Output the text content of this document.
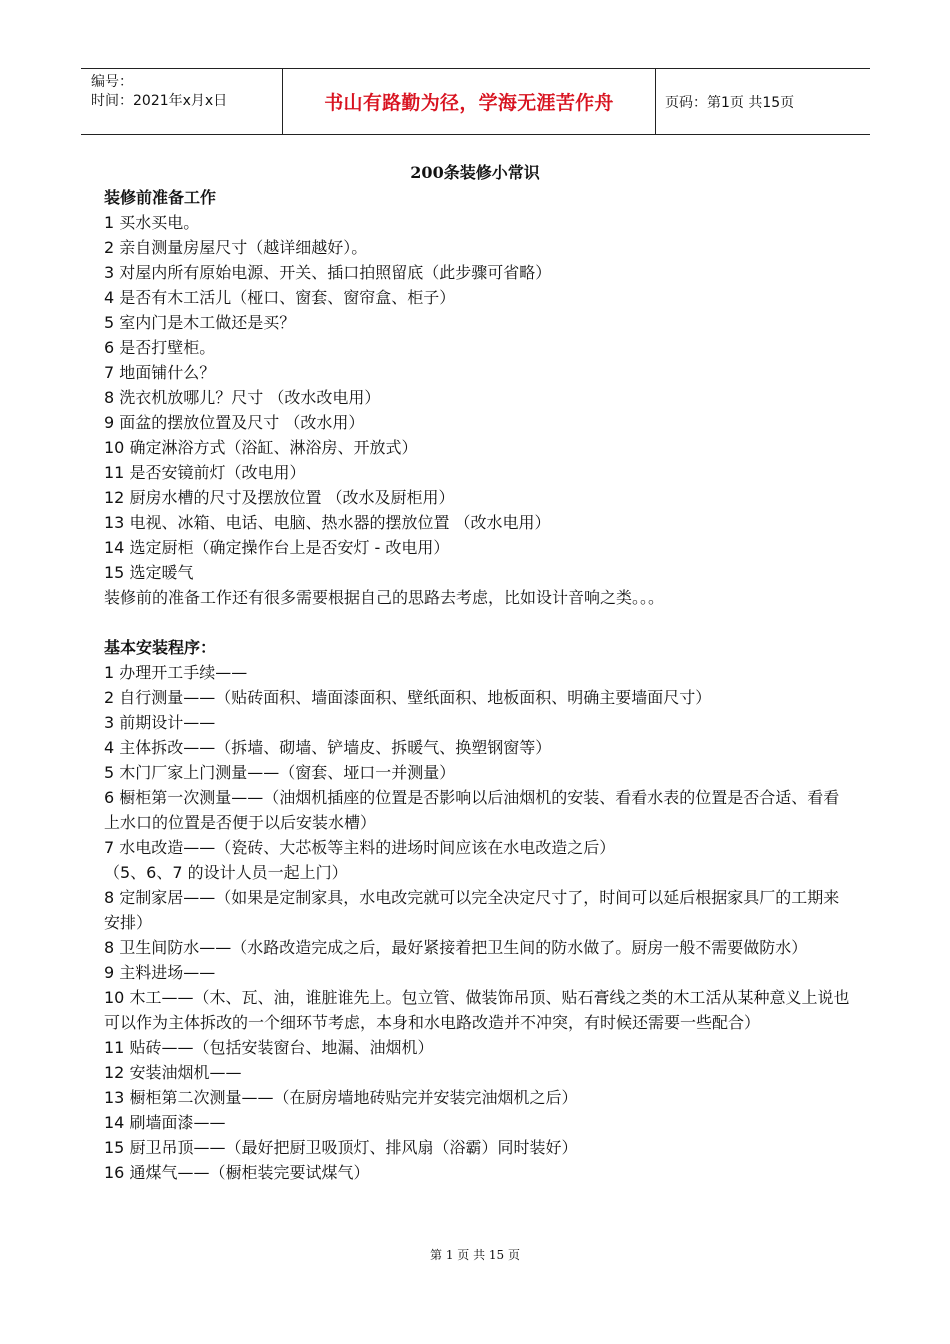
编号：
时间：2021年x月x日	书山有路勤为径，学海无涯苦作舟	页码：第1页 共15页
200条装修小常识

装修前准备工作

1 买水买电。

2 亲自测量房屋尺寸（越详细越好）。

3 对屋内所有原始电源、开关、插口拍照留底（此步骤可省略）

4 是否有木工活儿（桠口、窗套、窗帘盒、柜子）

5 室内门是木工做还是买？

6 是否打壁柜。

7 地面铺什么？

8 洗衣机放哪儿？尺寸 （改水改电用）

9 面盆的摆放位置及尺寸 （改水用）

10 确定淋浴方式（浴缸、淋浴房、开放式）

11 是否安镜前灯（改电用）

12 厨房水槽的尺寸及摆放位置 （改水及厨柜用）

13 电视、冰箱、电话、电脑、热水器的摆放位置 （改水电用）

14 选定厨柜（确定操作台上是否安灯 - 改电用）

15 选定暖气

装修前的准备工作还有很多需要根据自己的思路去考虑，比如设计音响之类。。。

基本安装程序：

1 办理开工手续——

2 自行测量——（贴砖面积、墙面漆面积、壁纸面积、地板面积、明确主要墙面尺寸）

3 前期设计——

4 主体拆改——（拆墙、砌墙、铲墙皮、拆暖气、换塑钢窗等）

5 木门厂家上门测量——（窗套、垭口一并测量）

6 橱柜第一次测量——（油烟机插座的位置是否影响以后油烟机的安装、看看水表的位置是否合适、看看上水口的位置是否便于以后安装水槽）

7 水电改造——（瓷砖、大芯板等主料的进场时间应该在水电改造之后）

（5、6、7 的设计人员一起上门）

8 定制家居——（如果是定制家具，水电改完就可以完全决定尺寸了，时间可以延后根据家具厂的工期来安排）

8 卫生间防水——（水路改造完成之后，最好紧接着把卫生间的防水做了。厨房一般不需要做防水）

9 主料进场——

10 木工——（木、瓦、油，谁脏谁先上。包立管、做装饰吊顶、贴石膏线之类的木工活从某种意义上说也可以作为主体拆改的一个细环节考虑，本身和水电路改造并不冲突，有时候还需要一些配合）

11 贴砖——（包括安装窗台、地漏、油烟机）

12 安装油烟机——

13 橱柜第二次测量——（在厨房墙地砖贴完并安装完油烟机之后）

14 刷墙面漆——

15 厨卫吊顶——（最好把厨卫吸顶灯、排风扇（浴霸）同时装好）

16 通煤气——（橱柜装完要试煤气）

第 1 页 共 15 页
